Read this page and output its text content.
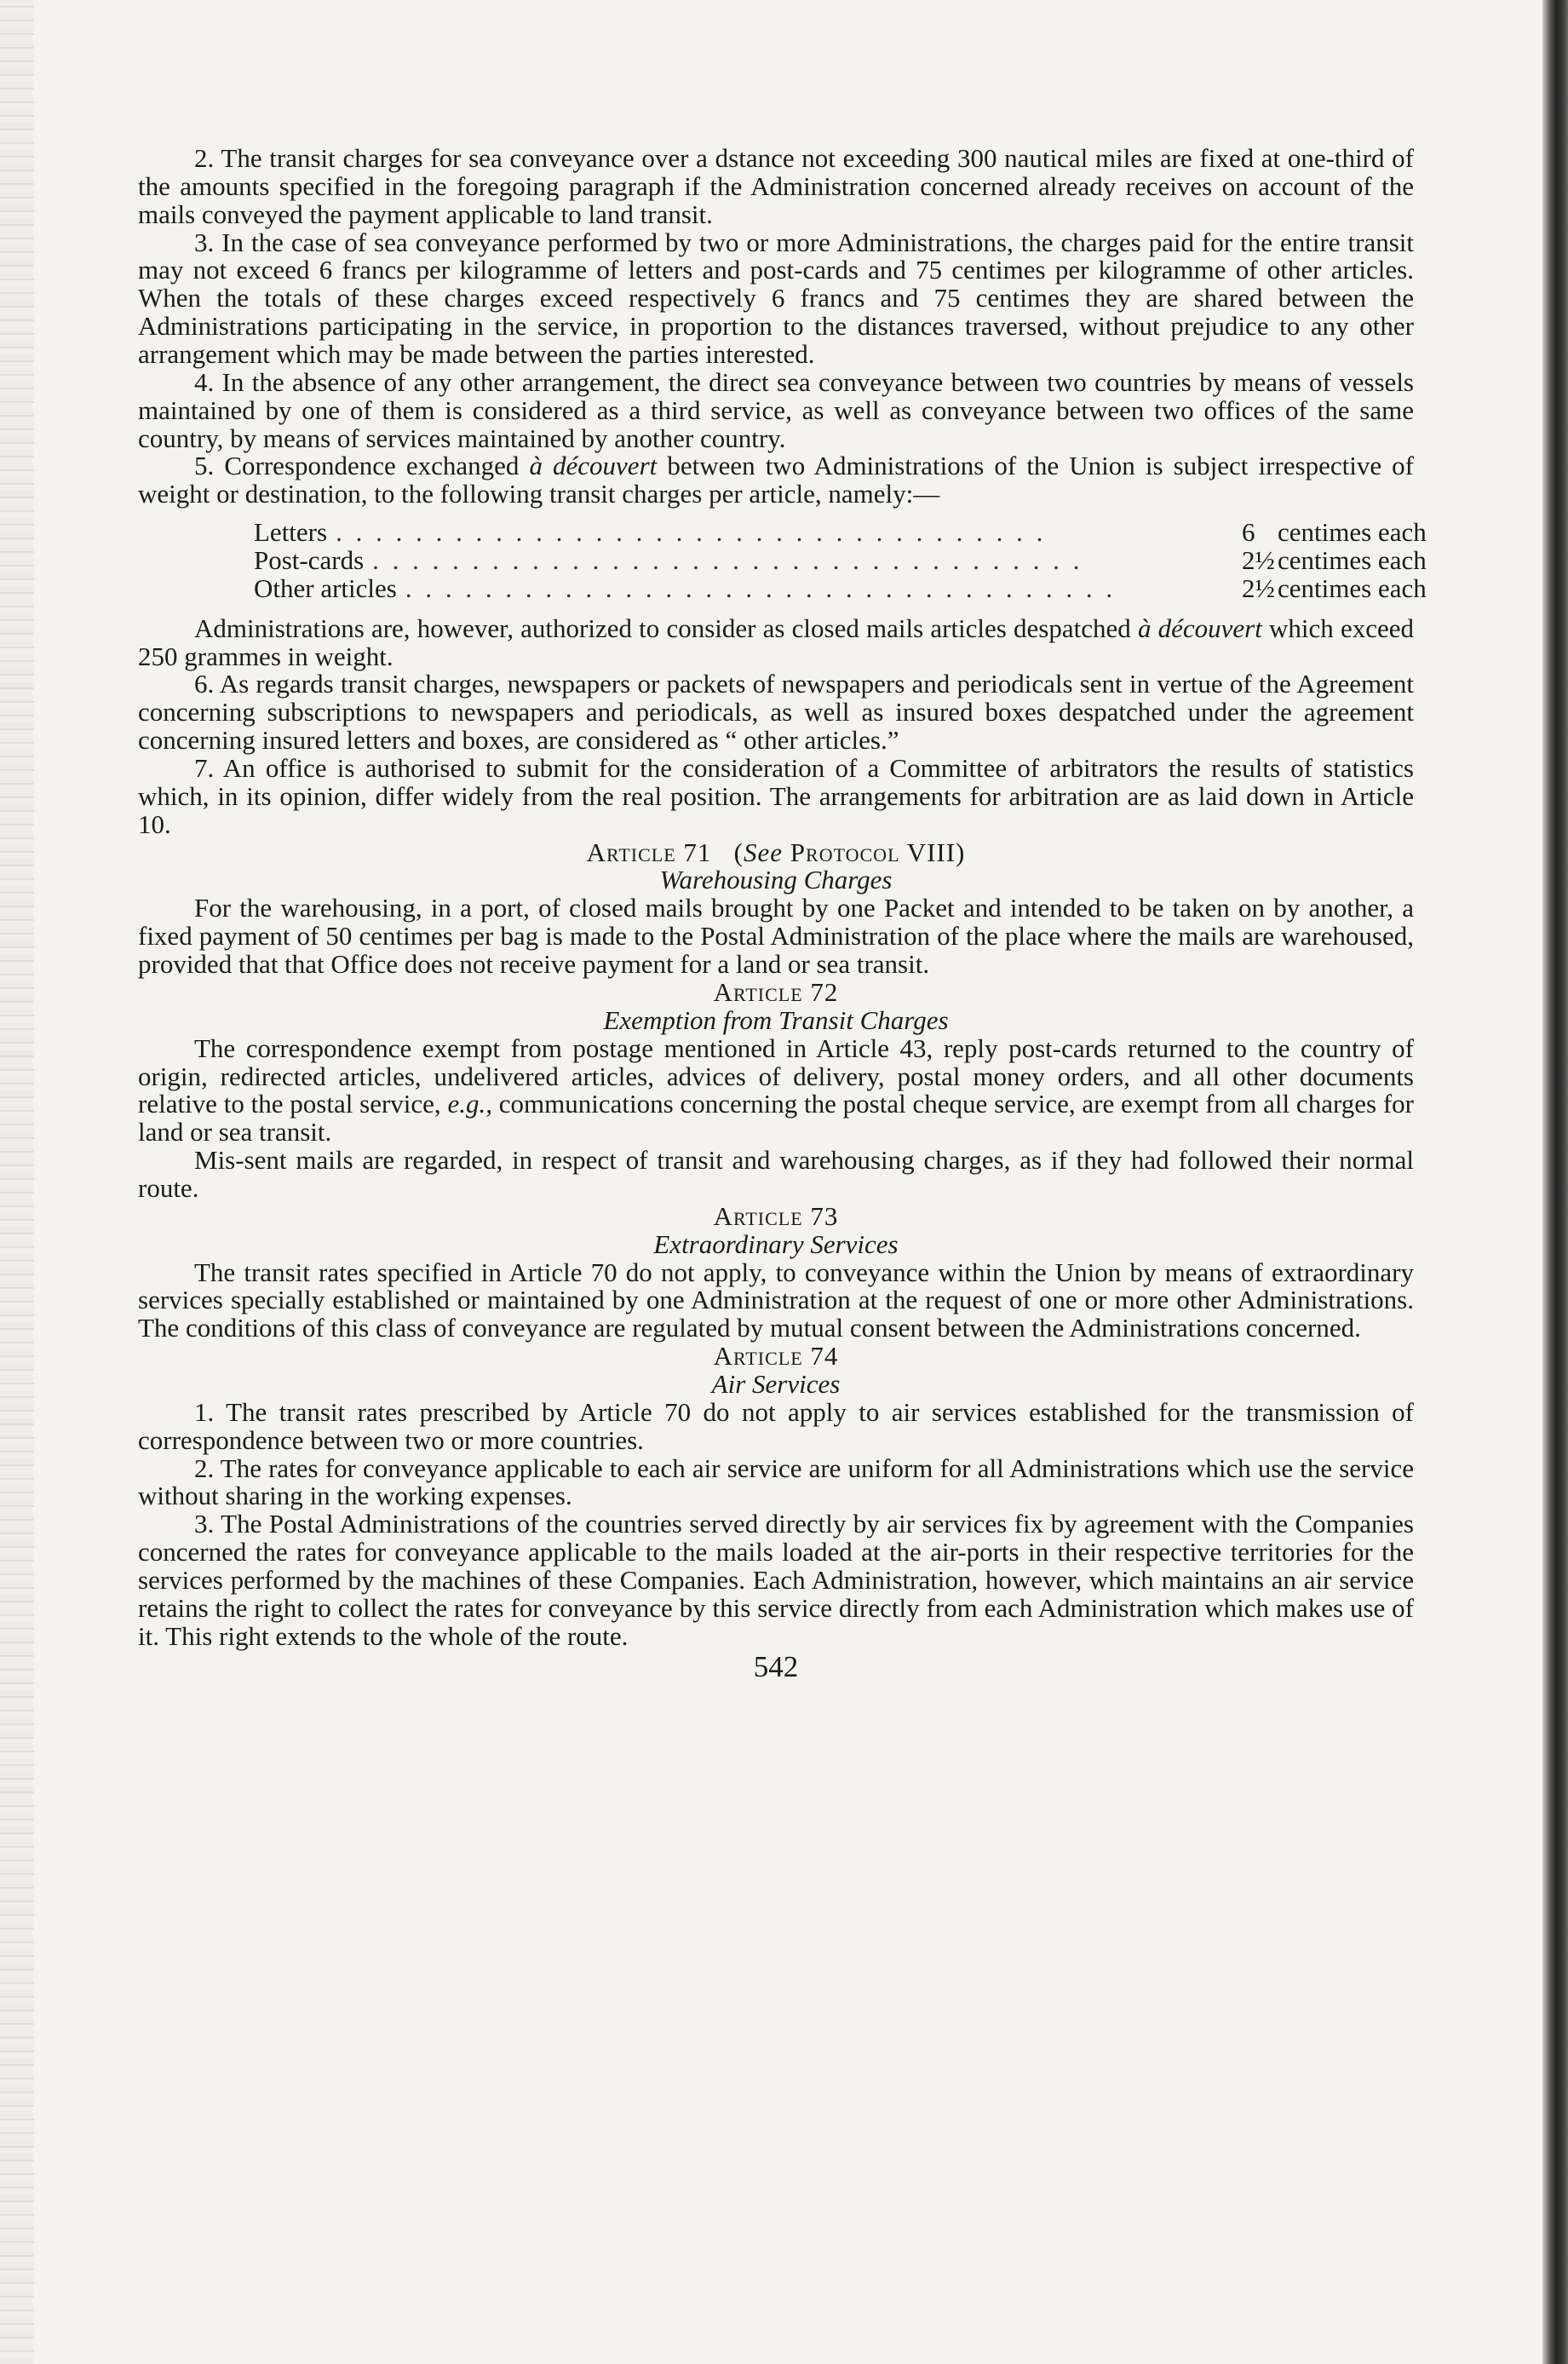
2. The transit charges for sea conveyance over a dstance not exceeding 300 nautical miles are fixed at one-third of the amounts specified in the foregoing paragraph if the Administration concerned already receives on account of the mails conveyed the payment applicable to land transit.

3. In the case of sea conveyance performed by two or more Administrations, the charges paid for the entire transit may not exceed 6 francs per kilogramme of letters and post-cards and 75 centimes per kilogramme of other articles. When the totals of these charges exceed respectively 6 francs and 75 centimes they are shared between the Administrations participating in the service, in proportion to the distances traversed, without prejudice to any other arrangement which may be made between the parties interested.

4. In the absence of any other arrangement, the direct sea conveyance between two countries by means of vessels maintained by one of them is considered as a third service, as well as conveyance between two offices of the same country, by means of services maintained by another country.

5. Correspondence exchanged à découvert between two Administrations of the Union is subject irrespective of weight or destination, to the following transit charges per article, namely:—

Letters . . . . . . . . . . . . . . . . . . . . . . . . . . . . . . . . . . . .	6 centimes each
Post-cards . . . . . . . . . . . . . . . . . . . . . . . . . . . . . . . . . . . .	2½ centimes each
Other articles . . . . . . . . . . . . . . . . . . . . . . . . . . . . . . . . . . . .	2½ centimes each

Administrations are, however, authorized to consider as closed mails articles despatched à découvert which exceed 250 grammes in weight.

6. As regards transit charges, newspapers or packets of newspapers and periodicals sent in vertue of the Agreement concerning subscriptions to newspapers and periodicals, as well as insured boxes despatched under the agreement concerning insured letters and boxes, are considered as “ other articles.”

7. An office is authorised to submit for the consideration of a Committee of arbitrators the results of statistics which, in its opinion, differ widely from the real position. The arrangements for arbitration are as laid down in Article 10.

Article 71 (See Protocol VIII)

Warehousing Charges

For the warehousing, in a port, of closed mails brought by one Packet and intended to be taken on by another, a fixed payment of 50 centimes per bag is made to the Postal Administration of the place where the mails are warehoused, provided that that Office does not receive payment for a land or sea transit.

Article 72

Exemption from Transit Charges

The correspondence exempt from postage mentioned in Article 43, reply post-cards returned to the country of origin, redirected articles, undelivered articles, advices of delivery, postal money orders, and all other documents relative to the postal service, e.g., communications concerning the postal cheque service, are exempt from all charges for land or sea transit.

Mis-sent mails are regarded, in respect of transit and warehousing charges, as if they had followed their normal route.

Article 73

Extraordinary Services

The transit rates specified in Article 70 do not apply, to conveyance within the Union by means of extraordinary services specially established or maintained by one Administration at the request of one or more other Administrations. The conditions of this class of conveyance are regulated by mutual consent between the Administrations concerned.

Article 74

Air Services

1. The transit rates prescribed by Article 70 do not apply to air services established for the transmission of correspondence between two or more countries.

2. The rates for conveyance applicable to each air service are uniform for all Administrations which use the service without sharing in the working expenses.

3. The Postal Administrations of the countries served directly by air services fix by agreement with the Companies concerned the rates for conveyance applicable to the mails loaded at the air-ports in their respective territories for the services performed by the machines of these Companies. Each Administration, however, which maintains an air service retains the right to collect the rates for conveyance by this service directly from each Administration which makes use of it. This right extends to the whole of the route.

542
